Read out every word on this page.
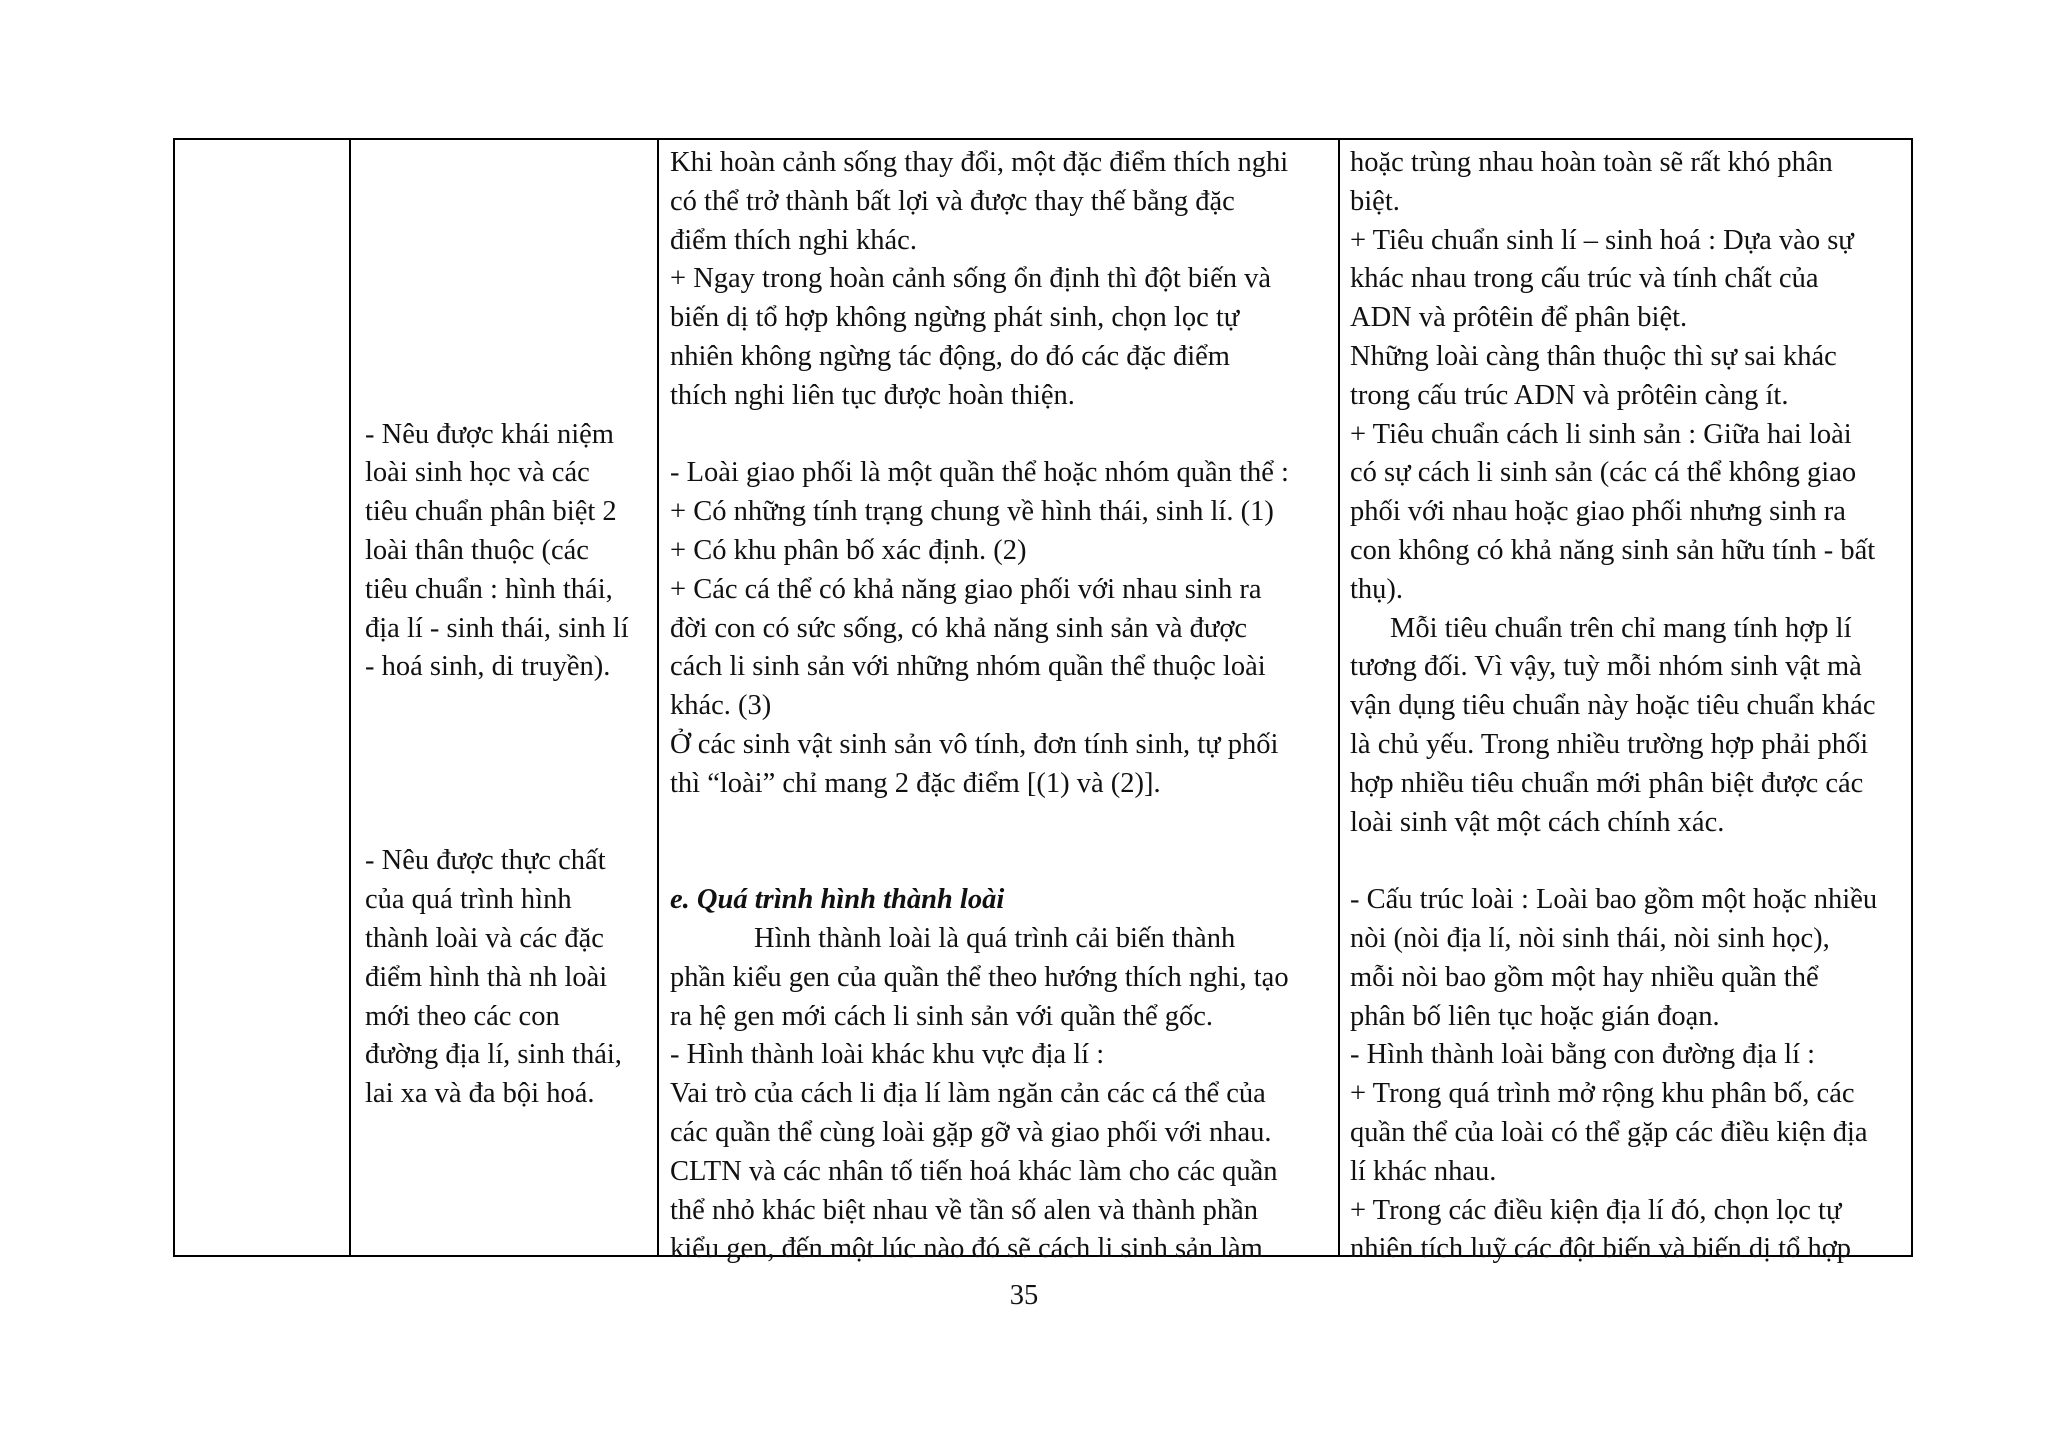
- Nêu được khái niệm
loài sinh học và các
tiêu chuẩn phân biệt 2
loài thân thuộc (các
tiêu chuẩn : hình thái,
địa lí - sinh thái, sinh lí
- hoá sinh, di truyền).
- Nêu được thực chất
của quá trình hình
thành loài và các đặc
điểm hình thà nh loài
mới theo các con
đường địa lí, sinh thái,
lai xa và đa bội hoá.
Khi hoàn cảnh sống thay đổi, một đặc điểm thích nghi
có thể trở thành bất lợi và được thay thế bằng đặc
điểm thích nghi khác.
+ Ngay trong hoàn cảnh sống ổn định thì đột biến và
biến dị tổ hợp không ngừng phát sinh, chọn lọc tự
nhiên không ngừng tác động, do đó các đặc điểm
thích nghi liên tục được hoàn thiện.
- Loài giao phối là một quần thể hoặc nhóm quần thể :
+ Có những tính trạng chung về hình thái, sinh lí. (1)
+ Có khu phân bố xác định. (2)
+ Các cá thể có khả năng giao phối với nhau sinh ra
đời con có sức sống, có khả năng sinh sản và được
cách li sinh sản với những nhóm quần thể thuộc loài
khác. (3)
Ở các sinh vật sinh sản vô tính, đơn tính sinh, tự phối
thì “loài” chỉ mang 2 đặc điểm [(1) và (2)].
e. Quá trình hình thành loài
Hình thành loài là quá trình cải biến thành
phần kiểu gen của quần thể theo hướng thích nghi, tạo
ra hệ gen mới cách li sinh sản với quần thể gốc.
- Hình thành loài khác khu vực địa lí :
Vai trò của cách li địa lí làm ngăn cản các cá thể của
các quần thể cùng loài gặp gỡ và giao phối với nhau.
CLTN và các nhân tố tiến hoá khác làm cho các quần
thể nhỏ khác biệt nhau về tần số alen và thành phần
kiểu gen, đến một lúc nào đó sẽ cách li sinh sản làm
hoặc trùng nhau hoàn toàn sẽ rất khó phân
biệt.
+ Tiêu chuẩn sinh lí – sinh hoá : Dựa vào sự
khác nhau trong cấu trúc và tính chất của
ADN và prôtêin để phân biệt.
Những loài càng thân thuộc thì sự sai khác
trong cấu trúc ADN và prôtêin càng ít.
+ Tiêu chuẩn cách li sinh sản : Giữa hai loài
có sự cách li sinh sản (các cá thể không giao
phối với nhau hoặc giao phối nhưng sinh ra
con không có khả năng sinh sản hữu tính - bất
thụ).
Mỗi tiêu chuẩn trên chỉ mang tính hợp lí
tương đối. Vì vậy, tuỳ mỗi nhóm sinh vật mà
vận dụng tiêu chuẩn này hoặc tiêu chuẩn khác
là chủ yếu. Trong nhiều trường hợp phải phối
hợp nhiều tiêu chuẩn mới phân biệt được các
loài sinh vật một cách chính xác.
- Cấu trúc loài : Loài bao gồm một hoặc nhiều
nòi (nòi địa lí, nòi sinh thái, nòi sinh học),
mỗi nòi bao gồm một hay nhiều quần thể
phân bố liên tục hoặc gián đoạn.
- Hình thành loài bằng con đường địa lí :
+ Trong quá trình mở rộng khu phân bố, các
quần thể của loài có thể gặp các điều kiện địa
lí khác nhau.
+ Trong các điều kiện địa lí đó, chọn lọc tự
nhiên tích luỹ các đột biến và biến dị tổ hợp
35
